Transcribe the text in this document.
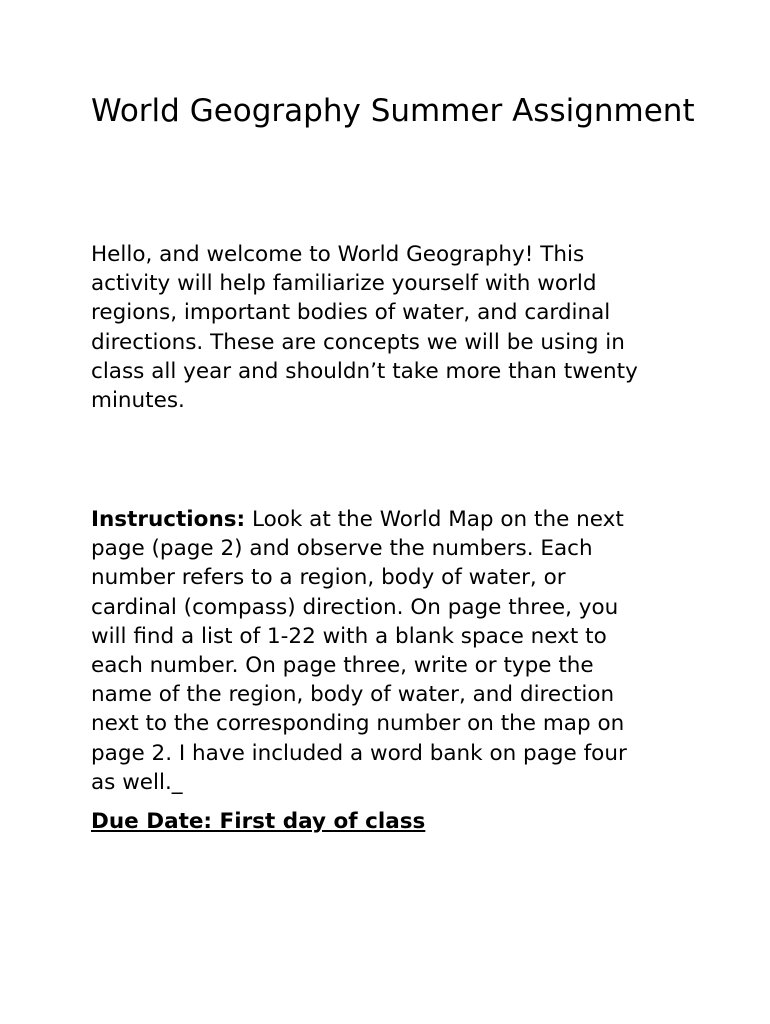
World Geography Summer Assignment
Hello, and welcome to World Geography! This
activity will help familiarize yourself with world
regions, important bodies of water, and cardinal
directions. These are concepts we will be using in
class all year and shouldn’t take more than twenty
minutes.
Instructions: Look at the World Map on the next
page (page 2) and observe the numbers. Each
number refers to a region, body of water, or
cardinal (compass) direction. On page three, you
will find a list of 1-22 with a blank space next to
each number. On page three, write or type the
name of the region, body of water, and direction
next to the corresponding number on the map on
page 2. I have included a word bank on page four
as well._
Due Date: First day of class
